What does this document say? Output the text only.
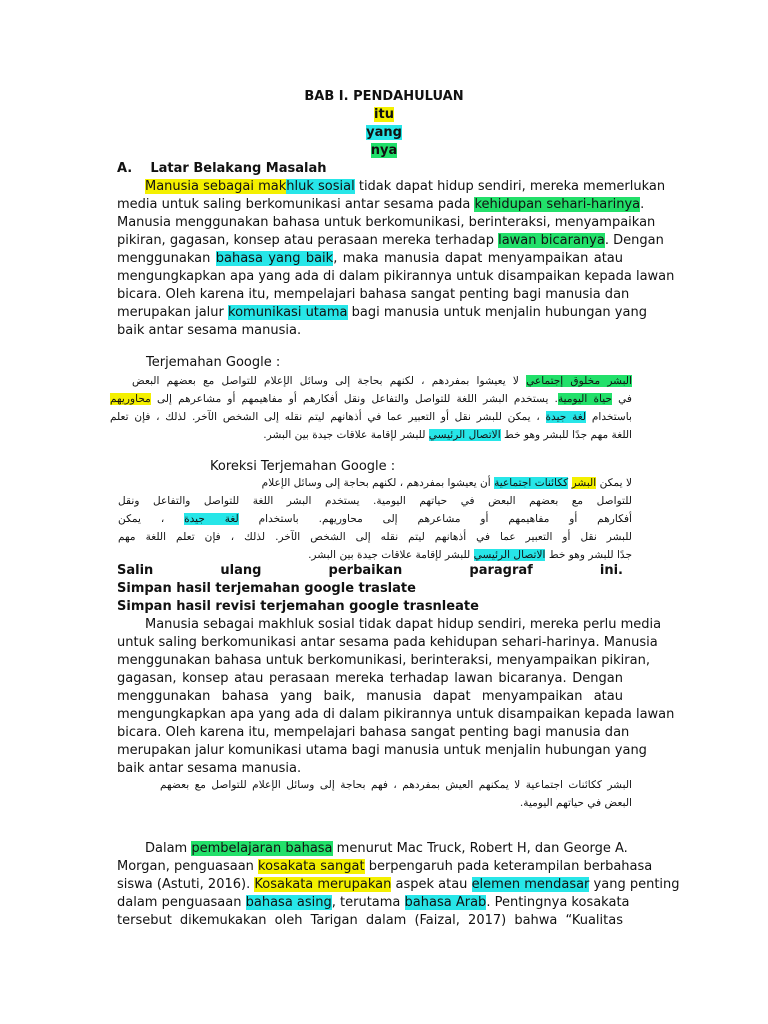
BAB I. PENDAHULUAN
itu
yang
nya
A. Latar Belakang Masalah
Manusia sebagai makhluk sosial tidak dapat hidup sendiri, mereka memerlukan
media untuk saling berkomunikasi antar sesama pada kehidupan sehari-harinya.
Manusia menggunakan bahasa untuk berkomunikasi, berinteraksi, menyampaikan
pikiran, gagasan, konsep atau perasaan mereka terhadap lawan bicaranya. Dengan
menggunakan bahasa yang baik, maka manusia dapat menyampaikan atau
mengungkapkan apa yang ada di dalam pikirannya untuk disampaikan kepada lawan
bicara. Oleh karena itu, mempelajari bahasa sangat penting bagi manusia dan
merupakan jalur komunikasi utama bagi manusia untuk menjalin hubungan yang
baik antar sesama manusia.
Terjemahan Google :
البشر مخلوق إجتماعي لا يعيشوا بمفردهم ، لكنهم بحاجة إلى وسائل الإعلام للتواصل مع بعضهم البعض
في حياة اليومية. يستخدم البشر اللغة للتواصل والتفاعل ونقل أفكارهم أو مفاهيمهم أو مشاعرهم إلى محاوريهم
باستخدام لغة جيدة ، يمكن للبشر نقل أو التعبير عما في أذهانهم ليتم نقله إلى الشخص الآخر. لذلك ، فإن تعلم
اللغة مهم جدًا للبشر وهو خط الاتصال الرئيسي للبشر لإقامة علاقات جيدة بين البشر.
Koreksi Terjemahan Google :
لا يمكن البشر ككائنات اجتماعية أن يعيشوا بمفردهم ، لكنهم بحاجة إلى وسائل الإعلام
للتواصل مع بعضهم البعض في حياتهم اليومية. يستخدم البشر اللغة للتواصل والتفاعل ونقل
أفكارهم أو مفاهيمهم أو مشاعرهم إلى محاوريهم. باستخدام لغة جيدة ، يمكن
للبشر نقل أو التعبير عما في أذهانهم ليتم نقله إلى الشخص الآخر. لذلك ، فإن تعلم اللغة مهم
جدًا للبشر وهو خط الاتصال الرئيسي للبشر لإقامة علاقات جيدة بين البشر.
Salin ulang perbaikan paragraf ini.
Simpan hasil terjemahan google traslate
Simpan hasil revisi terjemahan google trasnleate
Manusia sebagai makhluk sosial tidak dapat hidup sendiri, mereka perlu media
untuk saling berkomunikasi antar sesama pada kehidupan sehari-harinya. Manusia
menggunakan bahasa untuk berkomunikasi, berinteraksi, menyampaikan pikiran,
gagasan, konsep atau perasaan mereka terhadap lawan bicaranya. Dengan
menggunakan bahasa yang baik, manusia dapat menyampaikan atau
mengungkapkan apa yang ada di dalam pikirannya untuk disampaikan kepada lawan
bicara. Oleh karena itu, mempelajari bahasa sangat penting bagi manusia dan
merupakan jalur komunikasi utama bagi manusia untuk menjalin hubungan yang
baik antar sesama manusia.
البشر ككائنات اجتماعية لا يمكنهم العيش بمفردهم ، فهم بحاجة إلى وسائل الإعلام للتواصل مع بعضهم
البعض في حياتهم اليومية.
Dalam pembelajaran bahasa menurut Mac Truck, Robert H, dan George A.
Morgan, penguasaan kosakata sangat berpengaruh pada keterampilan berbahasa
siswa (Astuti, 2016). Kosakata merupakan aspek atau elemen mendasar yang penting
dalam penguasaan bahasa asing, terutama bahasa Arab. Pentingnya kosakata
tersebut dikemukakan oleh Tarigan dalam (Faizal, 2017) bahwa “Kualitas
